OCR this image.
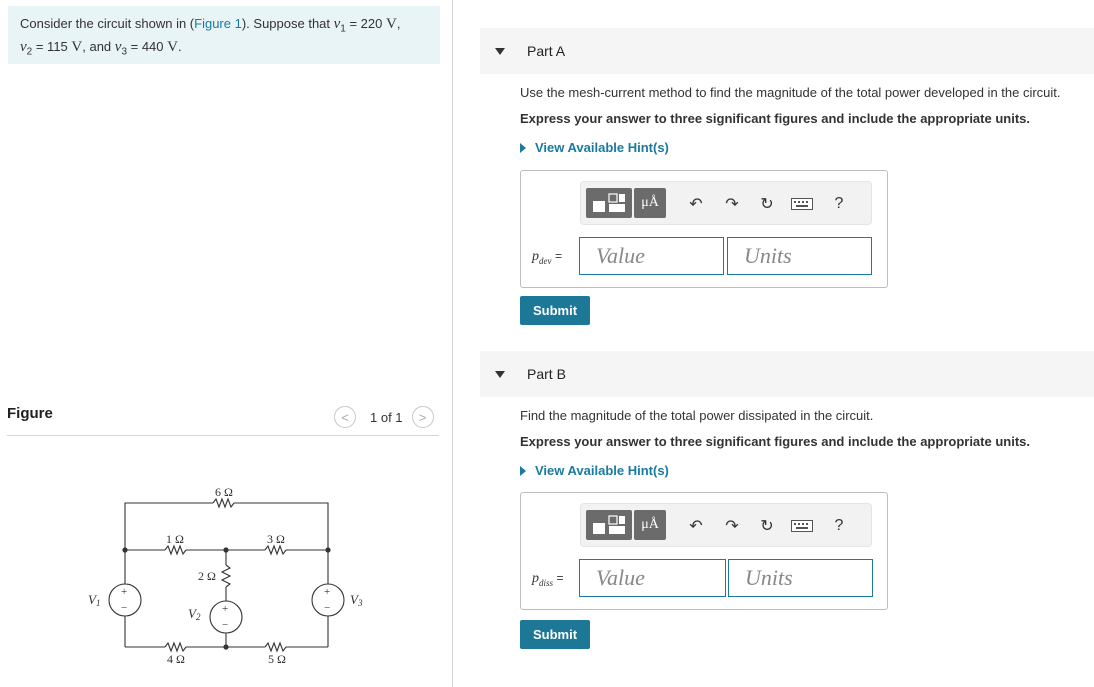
Consider the circuit shown in (Figure 1). Suppose that $v_1 = 220$ V,
$v_2 = 115$ V, and $v_3 = 440$ V.
Figure	< 1 of 1 >
6 Ω
1 Ω	3 Ω
2 Ω
4 Ω	5 Ω
V1
V2
V3
+
−
+
−
+
−
Part A
Use the mesh-current method to find the magnitude of the total power developed in the circuit.
Express your answer to three significant figures and include the appropriate units.
View Available Hint(s)
μÅ ↶ ↷ ↻	?
$p_{dev}$ =	Value	Units
Submit
Part B
Find the magnitude of the total power dissipated in the circuit.
Express your answer to three significant figures and include the appropriate units.
View Available Hint(s)
μÅ ↶ ↷ ↻	?
$p_{diss}$ =	Value	Units
Submit
